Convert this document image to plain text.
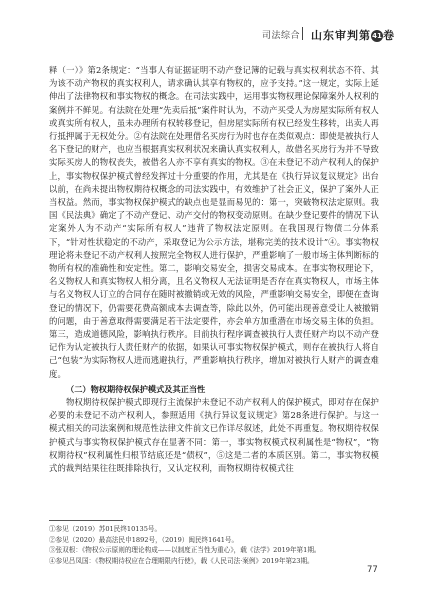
司法综合 山东审判第41卷

释（一）》第2条规定：“当事人有证据证明不动产登记簿的记载与真实权利状态不符、其为该不动产物权的真实权利人，请求确认其享有物权的，应予支持。”这一规定，实际上延伸出了法律物权和事实物权的概念。在司法实践中，运用事实物权理论保障案外人权利的案例并不鲜见。有法院在处理“先卖后抵”案件时认为，不动产买受人为房屋实际所有权人或真实所有权人，虽未办理所有权转移登记，但房屋实际所有权已经发生移转，出卖人再行抵押属于无权处分。②有法院在处理借名买房行为时也存在类似观点：即使是被执行人名下登记的财产，也应当根据真实权利状况来确认真实权利人，故借名买房行为并不导致实际买房人的物权丧失，被借名人亦不享有真实的物权。③在未登记不动产权利人的保护上，事实物权保护模式曾经发挥过十分重要的作用，尤其是在《执行异议复议规定》出台以前，在尚未提出物权期待权概念的司法实践中，有效维护了社会正义，保护了案外人正当权益。然而，事实物权保护模式的缺点也是显而易见的：第一，突破物权法定原则。我国《民法典》确定了不动产登记、动产交付的物权变动原则。在缺少登记要件的情况下认定案外人为不动产“实际所有权人”违背了物权法定原则。在我国现行物债二分体系下，“针对性状稳定的不动产，采取登记为公示方法，堪称完美的技术设计”④。事实物权理论将未登记不动产权利人按照完全物权人进行保护，严重影响了一般市场主体判断标的物所有权的准确性和安定性。第二，影响交易安全，损害交易成本。在事实物权理论下，名义物权人和真实物权人相分离，且名义物权人无法证明是否存在真实物权人，市场主体与名义物权人订立的合同存在随时被撤销或无效的风险，严重影响交易安全，即便在查询登记的情况下，仍需要花费高额成本去调查等，除此以外，仍可能出现善意受让人被撤销的问题，由于善意取得需要满足若干法定要件，亦会单方加重潜在市场交易主体的负担。第三，造成道德风险，影响执行秩序。目前执行程序调查被执行人责任财产均以不动产登记作为认定被执行人责任财产的依据，如果认可事实物权保护模式，则存在被执行人将自己“包装”为实际物权人进而逃避执行，严重影响执行秩序，增加对被执行人财产的调查难度。

（二）物权期待权保护模式及其正当性

物权期待权保护模式即现行主流保护未登记不动产权利人的保护模式，即对存在保护必要的未登记不动产权利人，参照适用《执行异议复议规定》第28条进行保护。与这一模式相关的司法案例和规范性法律文件前文已作详尽叙述，此处不再重复。物权期待权保护模式与事实物权保护模式存在显著不同：第一，事实物权模式权利属性是“物权”，“物权期待权”权利属性归根节结底还是“债权”，⑤这是二者的本质区别。第二，事实物权模式的裁判结果往往既排除执行，又认定权利，而物权期待权模式往

①参见（2019）苏01民终10135号。
②参见（2020）最高法民申1892号，（2019）闽民终1641号。
③张双根：《物权公示原则的理论构成——以制度正当性为重心》，载《法学》2019年第1期。
④参见吕凤国：《物权期待权应在合理期限内行使》，载《人民司法·案例》2019年第23期。
77
